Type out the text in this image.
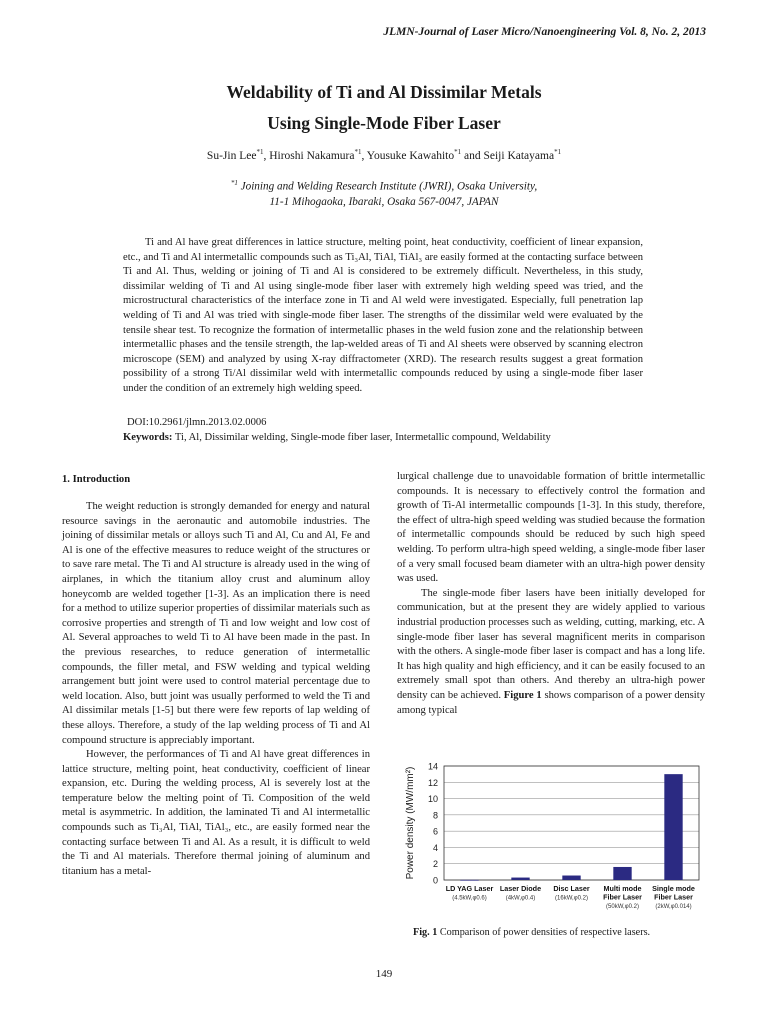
JLMN-Journal of Laser Micro/Nanoengineering Vol. 8, No. 2, 2013
Weldability of Ti and Al Dissimilar Metals
Using Single-Mode Fiber Laser
Su-Jin Lee$^{*1}$, Hiroshi Nakamura$^{*1}$, Yousuke Kawahito$^{*1}$ and Seiji Katayama$^{*1}$
$^{*1}$ Joining and Welding Research Institute (JWRI), Osaka University,
11-1 Mihogaoka, Ibaraki, Osaka 567-0047, JAPAN
Ti and Al have great differences in lattice structure, melting point, heat conductivity, coefficient of linear expansion, etc., and Ti and Al intermetallic compounds such as Ti₃Al, TiAl, TiAl₃ are easily formed at the contacting surface between Ti and Al. Thus, welding or joining of Ti and Al is considered to be extremely difficult. Nevertheless, in this study, dissimilar welding of Ti and Al using single-mode fiber laser with extremely high welding speed was tried, and the microstructural characteristics of the interface zone in Ti and Al weld were investigated. Especially, full penetration lap welding of Ti and Al was tried with single-mode fiber laser. The strengths of the dissimilar weld were evaluated by the tensile shear test. To recognize the formation of intermetallic phases in the weld fusion zone and the relationship between intermetallic phases and the tensile strength, the lap-welded areas of Ti and Al sheets were observed by scanning electron microscope (SEM) and analyzed by using X-ray diffractometer (XRD). The research results suggest a great formation possibility of a strong Ti/Al dissimilar weld with intermetallic compounds reduced by using a single-mode fiber laser under the condition of an extremely high welding speed.
DOI:10.2961/jlmn.2013.02.0006
Keywords: Ti, Al, Dissimilar welding, Single-mode fiber laser, Intermetallic compound, Weldability
1. Introduction

The weight reduction is strongly demanded for energy and natural resource savings in the aeronautic and automobile industries. The joining of dissimilar metals or alloys such Ti and Al, Cu and Al, Fe and Al is one of the effective measures to reduce weight of the structures or to save rare metal. The Ti and Al structure is already used in the wing of airplanes, in which the titanium alloy crust and aluminum alloy honeycomb are welded together [1-3]. As an implication there is need for a method to utilize superior properties of dissimilar materials such as corrosive properties and strength of Ti and low weight and low cost of Al. Several approaches to weld Ti to Al have been made in the past. In the previous researches, to reduce generation of intermetallic compounds, the filler metal, and FSW welding and typical welding arrangement butt joint were used to control material percentage due to weld location. Also, butt joint was usually performed to weld the Ti and Al dissimilar metals [1-5] but there were few reports of lap welding of these alloys. Therefore, a study of the lap welding process of Ti and Al compound structure is appreciably important.

However, the performances of Ti and Al have great differences in lattice structure, melting point, heat conductivity, coefficient of linear expansion, etc. During the welding process, Al is severely lost at the temperature below the melting point of Ti. Composition of the weld metal is asymmetric. In addition, the laminated Ti and Al intermetallic compounds such as Ti₃Al, TiAl, TiAl₃, etc., are easily formed near the contacting surface between Ti and Al. As a result, it is difficult to weld the Ti and Al materials. Therefore thermal joining of aluminum and titanium has a metal-

lurgical challenge due to unavoidable formation of brittle intermetallic compounds. It is necessary to effectively control the formation and growth of Ti-Al intermetallic compounds [1-3]. In this study, therefore, the effect of ultra-high speed welding was studied because the formation of intermetallic compounds should be reduced by such high speed welding. To perform ultra-high speed welding, a single-mode fiber laser of a very small focused beam diameter with an ultra-high power density was used.

The single-mode fiber lasers have been initially developed for communication, but at the present they are widely applied to various industrial production processes such as welding, cutting, marking, etc. A single-mode fiber laser has several magnificent merits in comparison with the others. A single-mode fiber laser is compact and has a long life. It has high quality and high efficiency, and it can be easily focused to an extremely small spot than others. And thereby an ultra-high power density can be achieved. Figure 1 shows comparison of a power density among typical

0
2
4
6
8
10
12
14
Power density (MW/mm²)
LD YAG Laser
(4.5kW,φ0.6)
Laser Diode
(4kW,φ0.4)
Disc Laser
(16kW,φ0.2)
Multi mode
Fiber Laser
(50kW,φ0.2)
Single mode
Fiber Laser
(2kW,φ0.014)
Fig. 1 Comparison of power densities of respective lasers.
149
